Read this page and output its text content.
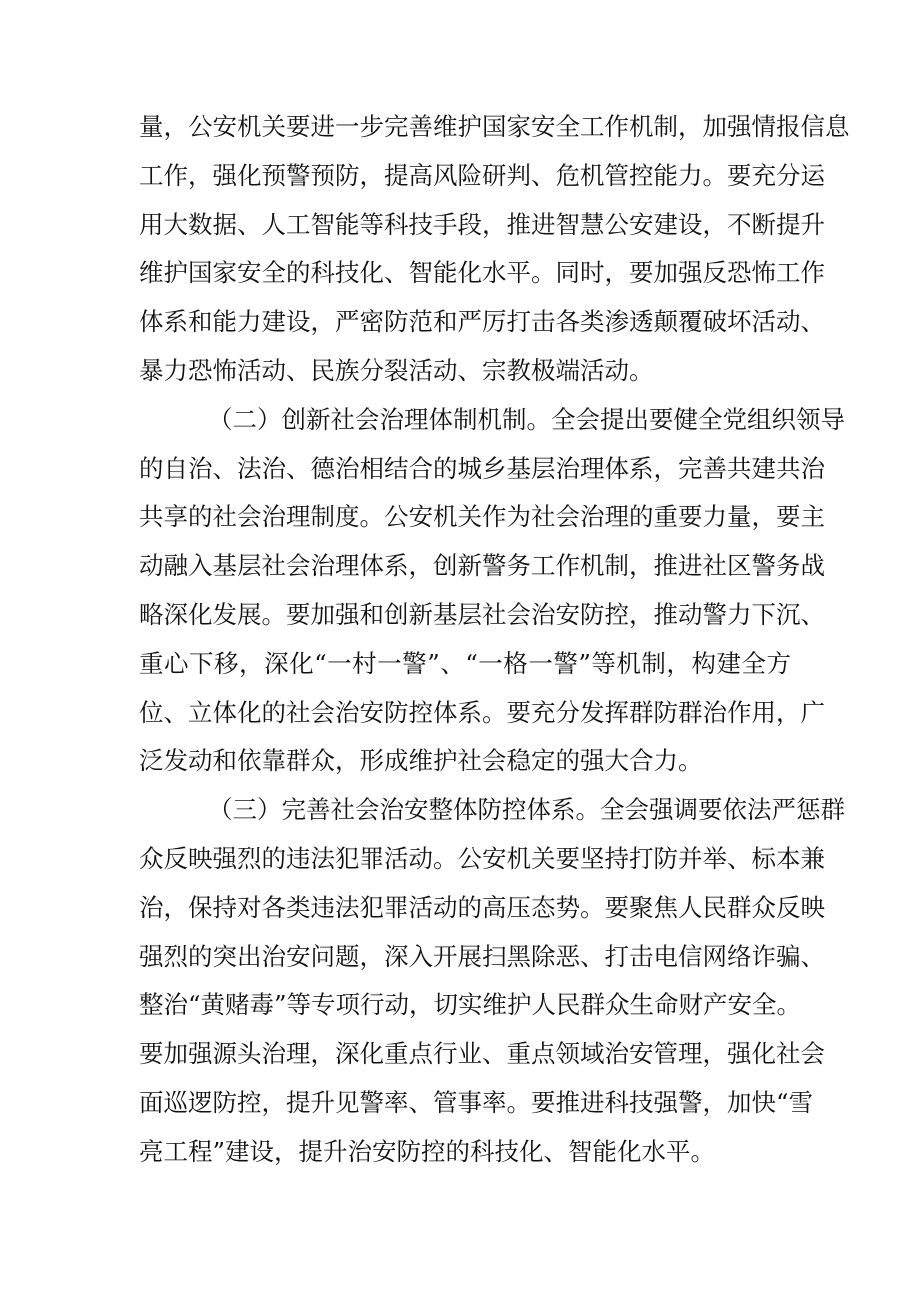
量，公安机关要进一步完善维护国家安全工作机制，加强情报信息
工作，强化预警预防，提高风险研判、危机管控能力。要充分运
用大数据、人工智能等科技手段，推进智慧公安建设，不断提升
维护国家安全的科技化、智能化水平。同时，要加强反恐怖工作
体系和能力建设，严密防范和严厉打击各类渗透颠覆破坏活动、
暴力恐怖活动、民族分裂活动、宗教极端活动。
（二）创新社会治理体制机制。全会提出要健全党组织领导
的自治、法治、德治相结合的城乡基层治理体系，完善共建共治
共享的社会治理制度。公安机关作为社会治理的重要力量，要主
动融入基层社会治理体系，创新警务工作机制，推进社区警务战
略深化发展。要加强和创新基层社会治安防控，推动警力下沉、
重心下移，深化“一村一警”、“一格一警”等机制，构建全方
位、立体化的社会治安防控体系。要充分发挥群防群治作用，广
泛发动和依靠群众，形成维护社会稳定的强大合力。
（三）完善社会治安整体防控体系。全会强调要依法严惩群
众反映强烈的违法犯罪活动。公安机关要坚持打防并举、标本兼
治，保持对各类违法犯罪活动的高压态势。要聚焦人民群众反映
强烈的突出治安问题，深入开展扫黑除恶、打击电信网络诈骗、
整治“黄赌毒”等专项行动，切实维护人民群众生命财产安全。
要加强源头治理，深化重点行业、重点领域治安管理，强化社会
面巡逻防控，提升见警率、管事率。要推进科技强警，加快“雪
亮工程”建设，提升治安防控的科技化、智能化水平。
